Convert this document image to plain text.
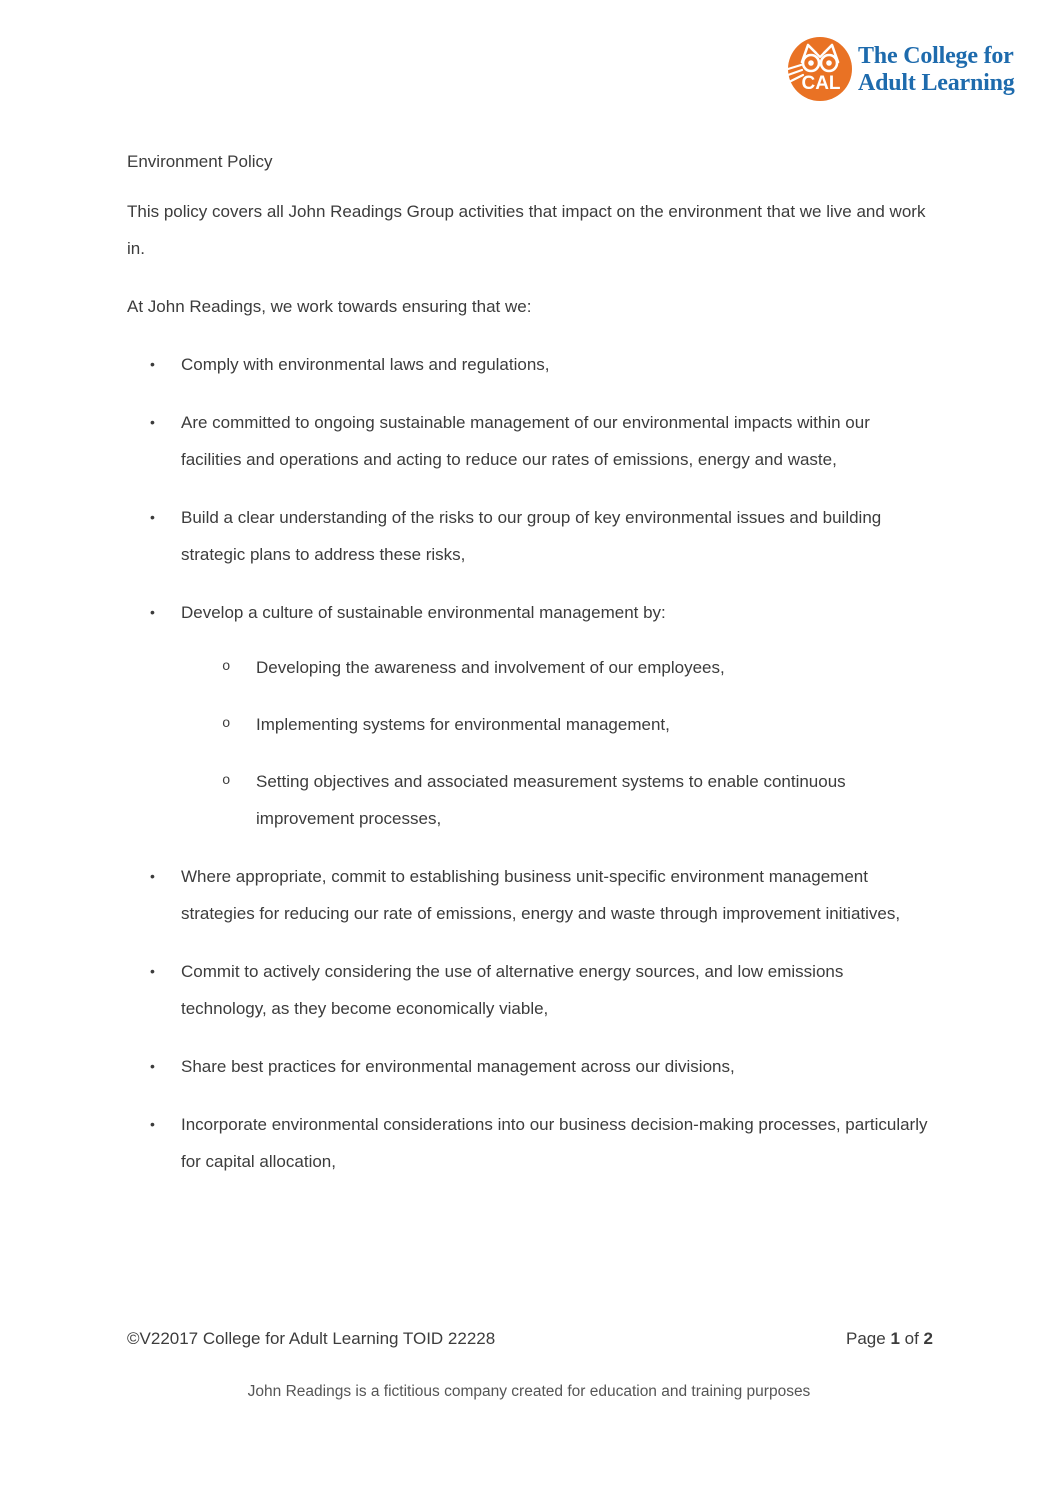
CAL
The College for
Adult Learning
Environment Policy

This policy covers all John Readings Group activities that impact on the environment that we live and work in.

At John Readings, we work towards ensuring that we:

• Comply with environmental laws and regulations,
• Are committed to ongoing sustainable management of our environmental impacts within our facilities and operations and acting to reduce our rates of emissions, energy and waste,
• Build a clear understanding of the risks to our group of key environmental issues and building strategic plans to address these risks,
• Develop a culture of sustainable environmental management by:
o Developing the awareness and involvement of our employees,
o Implementing systems for environmental management,
o Setting objectives and associated measurement systems to enable continuous improvement processes,
• Where appropriate, commit to establishing business unit-specific environment management strategies for reducing our rate of emissions, energy and waste through improvement initiatives,
• Commit to actively considering the use of alternative energy sources, and low emissions technology, as they become economically viable,
• Share best practices for environmental management across our divisions,
• Incorporate environmental considerations into our business decision-making processes, particularly for capital allocation,
©V22017 College for Adult Learning TOID 22228	Page 1 of 2
John Readings is a fictitious company created for education and training purposes
